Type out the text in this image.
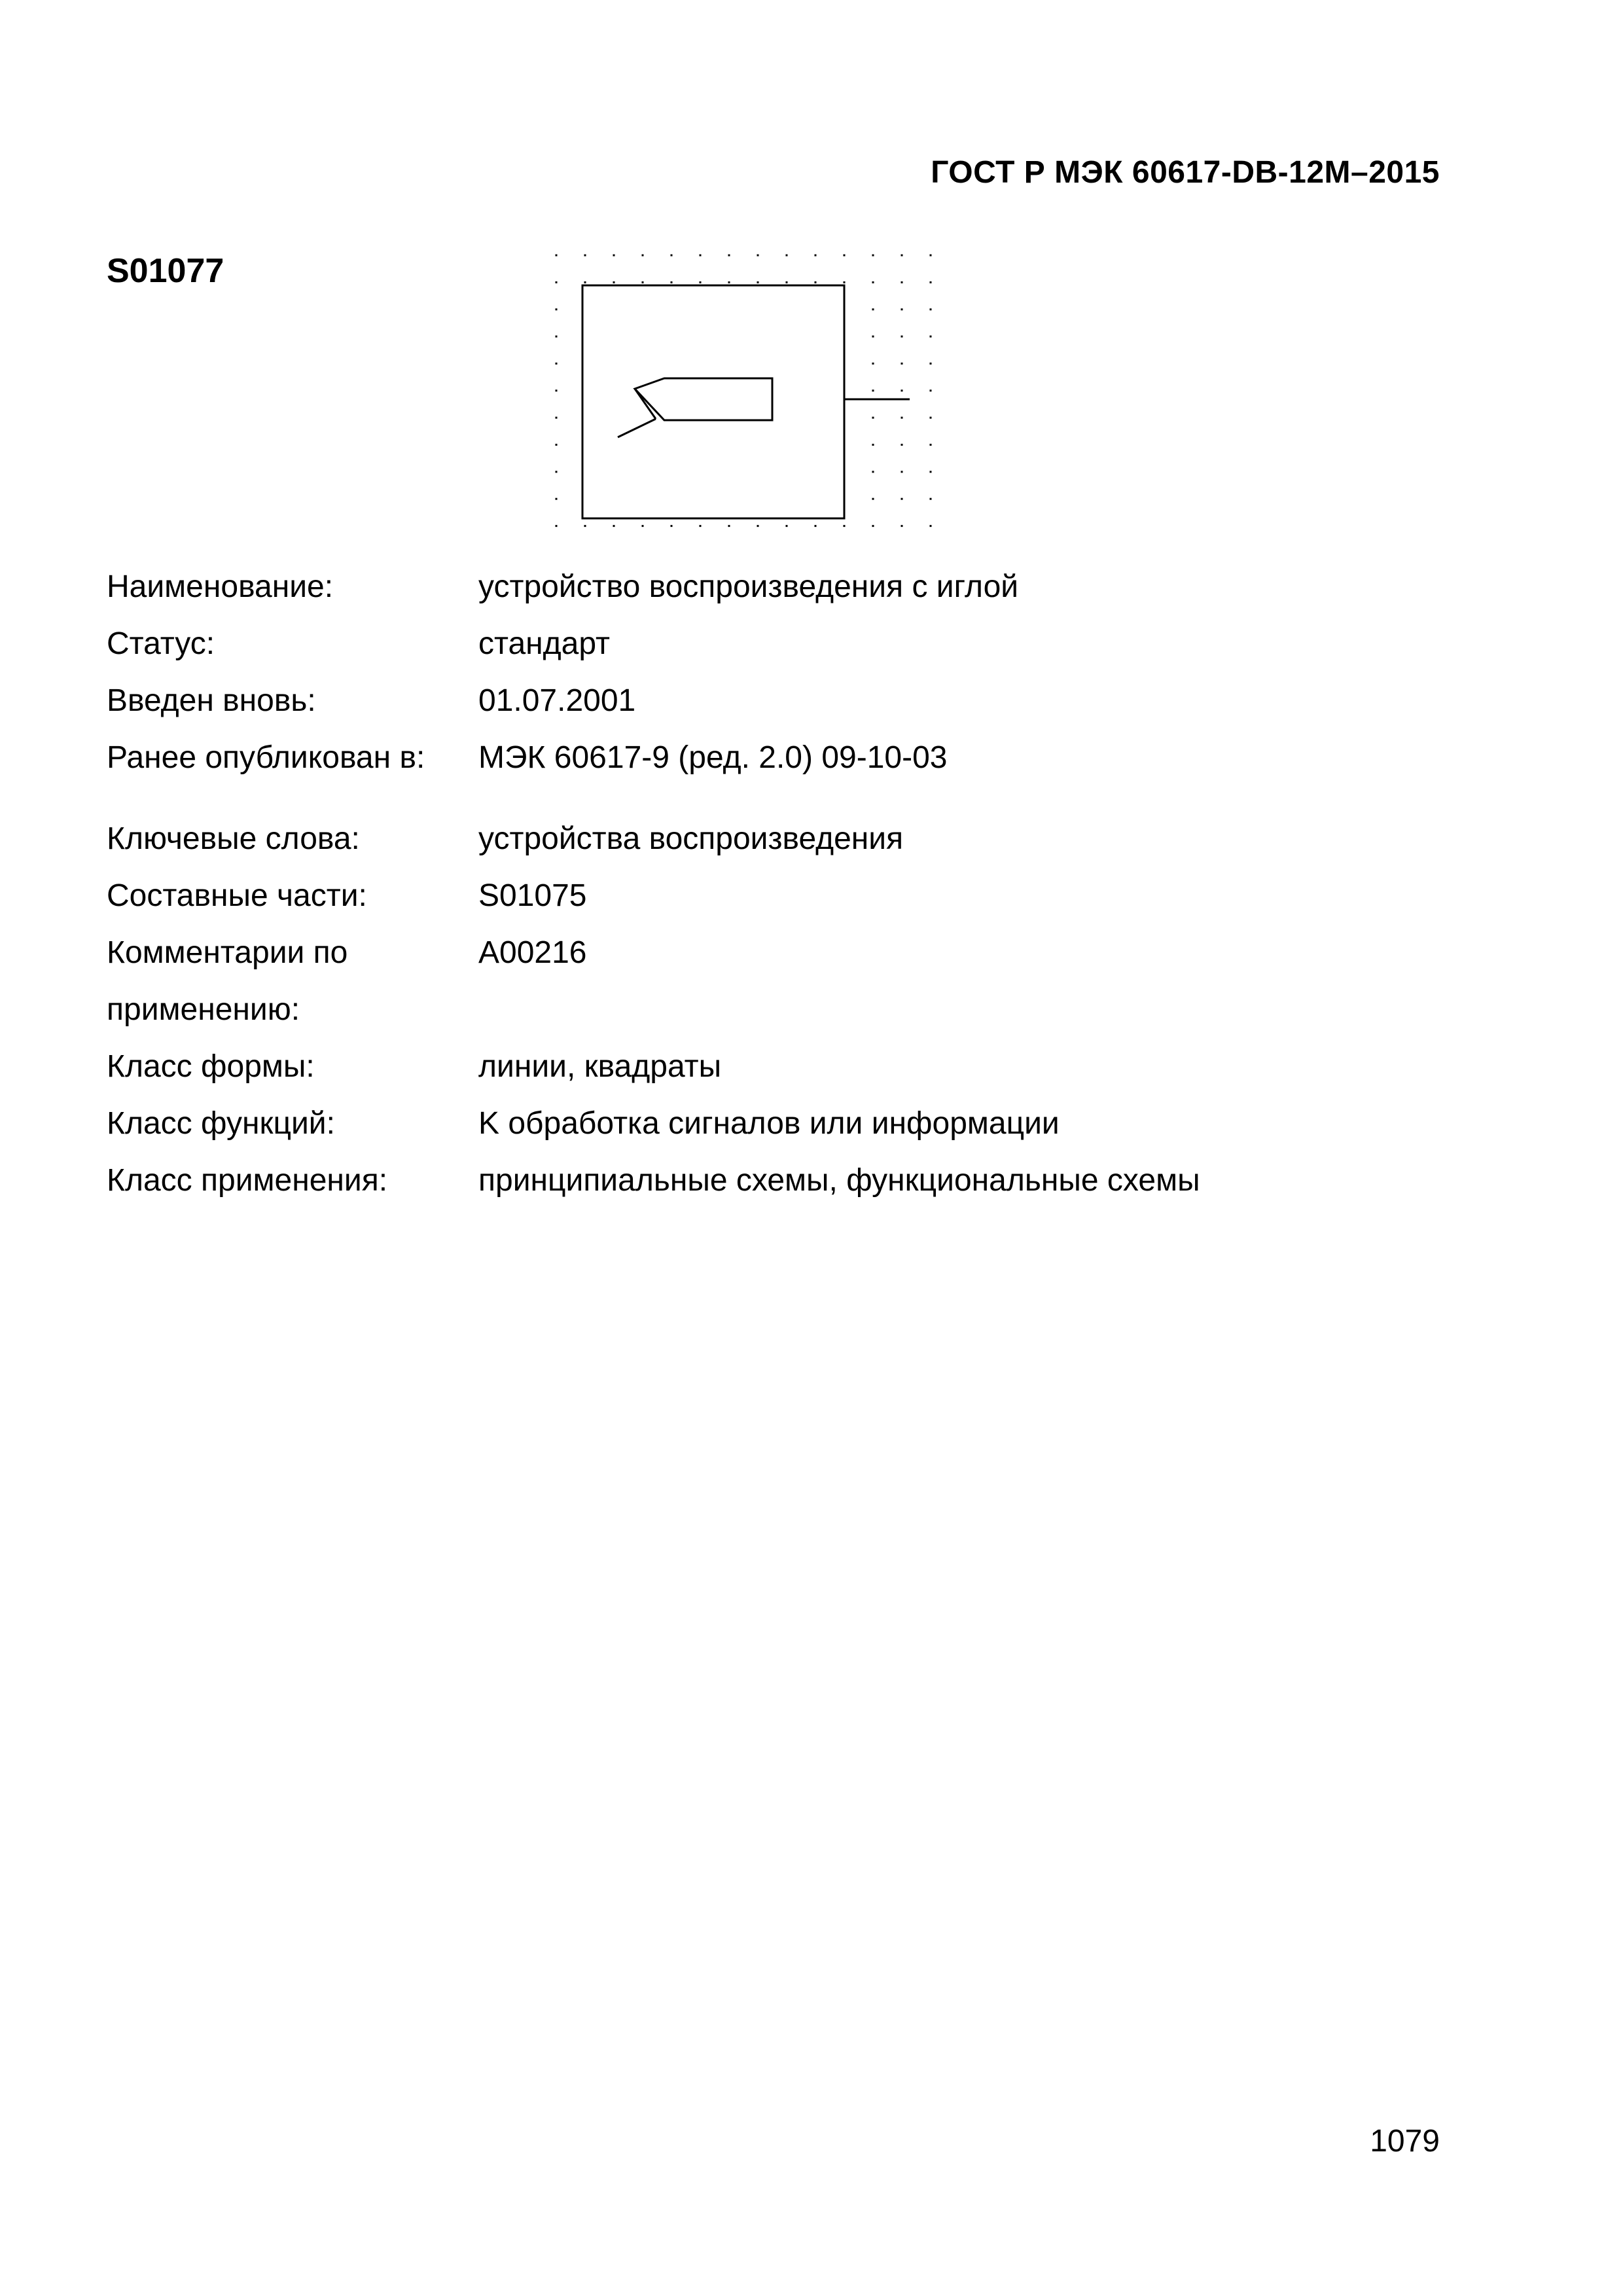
ГОСТ Р МЭК 60617-DB-12M–2015
S01077
Наименование:	устройство воспроизведения с иглой
Статус:	стандарт
Введен вновь:	01.07.2001
Ранее опубликован в:	МЭК 60617-9 (ред. 2.0) 09-10-03
Ключевые слова:	устройства воспроизведения
Составные части:	S01075
Комментарии по	A00216
применению:
Класс формы:	линии, квадраты
Класс функций:	K обработка сигналов или информации
Класс применения:	принципиальные схемы, функциональные схемы
1079
